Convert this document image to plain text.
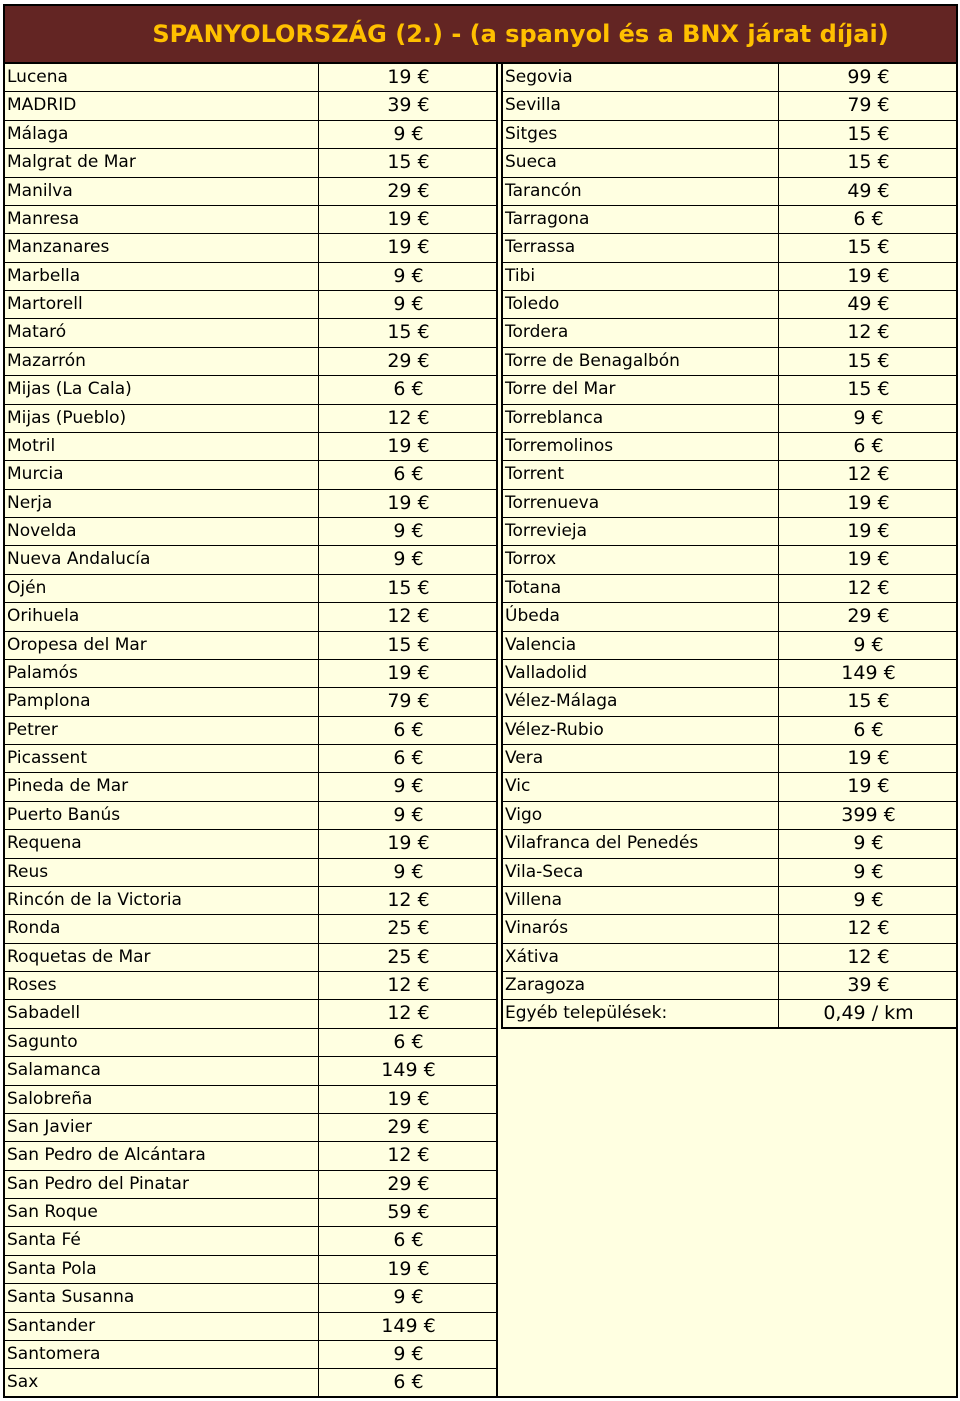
SPANYOLORSZÁG (2.) - (a spanyol és a BNX járat díjai)
Lucena	19 €
MADRID	39 €
Málaga	9 €
Malgrat de Mar	15 €
Manilva	29 €
Manresa	19 €
Manzanares	19 €
Marbella	9 €
Martorell	9 €
Mataró	15 €
Mazarrón	29 €
Mijas (La Cala)	6 €
Mijas (Pueblo)	12 €
Motril	19 €
Murcia	6 €
Nerja	19 €
Novelda	9 €
Nueva Andalucía	9 €
Ojén	15 €
Orihuela	12 €
Oropesa del Mar	15 €
Palamós	19 €
Pamplona	79 €
Petrer	6 €
Picassent	6 €
Pineda de Mar	9 €
Puerto Banús	9 €
Requena	19 €
Reus	9 €
Rincón de la Victoria	12 €
Ronda	25 €
Roquetas de Mar	25 €
Roses	12 €
Sabadell	12 €
Sagunto	6 €
Salamanca	149 €
Salobreña	19 €
San Javier	29 €
San Pedro de Alcántara	12 €
San Pedro del Pinatar	29 €
San Roque	59 €
Santa Fé	6 €
Santa Pola	19 €
Santa Susanna	9 €
Santander	149 €
Santomera	9 €
Sax	6 €
Segovia	99 €
Sevilla	79 €
Sitges	15 €
Sueca	15 €
Tarancón	49 €
Tarragona	6 €
Terrassa	15 €
Tibi	19 €
Toledo	49 €
Tordera	12 €
Torre de Benagalbón	15 €
Torre del Mar	15 €
Torreblanca	9 €
Torremolinos	6 €
Torrent	12 €
Torrenueva	19 €
Torrevieja	19 €
Torrox	19 €
Totana	12 €
Úbeda	29 €
Valencia	9 €
Valladolid	149 €
Vélez-Málaga	15 €
Vélez-Rubio	6 €
Vera	19 €
Vic	19 €
Vigo	399 €
Vilafranca del Penedés	9 €
Vila-Seca	9 €
Villena	9 €
Vinarós	12 €
Xátiva	12 €
Zaragoza	39 €
Egyéb települések:	0,49 / km
